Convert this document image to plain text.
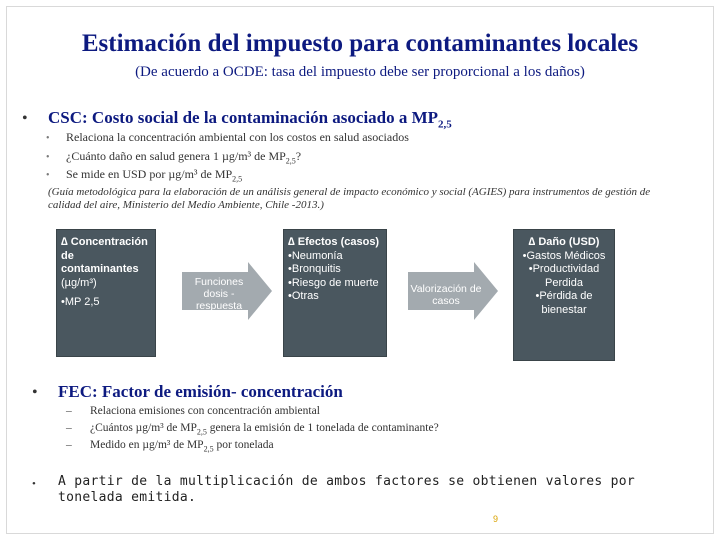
Estimación del impuesto para contaminantes locales
(De acuerdo a OCDE: tasa del impuesto debe ser proporcional a los daños)
• CSC: Costo social de la contaminación asociado a $MP_{2,5}$
• Relaciona la concentración ambiental con los costos en salud asociados
• ¿Cuánto daño en salud genera 1 µg/m³ de $MP_{2,5}$?
• Se mide en USD por µg/m³ de $MP_{2,5}$
(Guía metodológica para la elaboración de un análisis general de impacto económico y social (AGIES) para instrumentos de gestión de calidad del aire, Ministerio del Medio Ambiente, Chile -2013.)
∆ Concentración de contaminantes
(µg/m³)
•MP 2,5
Funciones dosis - respuesta
∆ Efectos (casos)
•Neumonía
•Bronquitis
•Riesgo de muerte
•Otras
Valorización de casos
∆ Daño (USD)
•Gastos Médicos
•Productividad Perdida
•Pérdida de bienestar
• FEC: Factor de emisión- concentración
– Relaciona emisiones con concentración ambiental
– ¿Cuántos µg/m³ de $MP_{2,5}$ genera la emisión de 1 tonelada de contaminante?
– Medido en µg/m³ de $MP_{2,5}$ por tonelada
• A partir de la multiplicación de ambos factores se obtienen valores por tonelada emitida.
9
